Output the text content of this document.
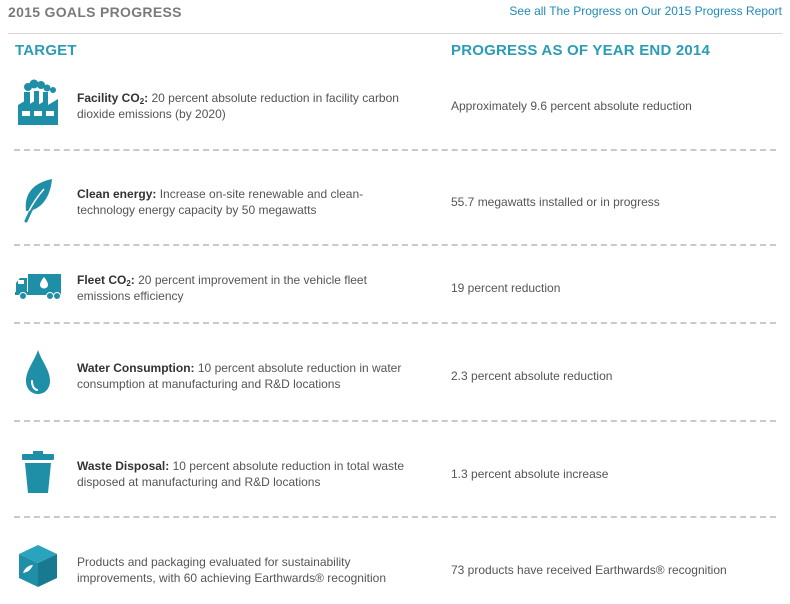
2015 GOALS PROGRESS	See all The Progress on Our 2015 Progress Report
TARGET	PROGRESS AS OF YEAR END 2014
Facility $CO_2$: 20 percent absolute reduction in facility carbon dioxide emissions (by 2020)
Approximately 9.6 percent absolute reduction
Clean energy: Increase on-site renewable and clean-technology energy capacity by 50 megawatts
55.7 megawatts installed or in progress
Fleet $CO_2$: 20 percent improvement in the vehicle fleet emissions efficiency
19 percent reduction
Water Consumption: 10 percent absolute reduction in water consumption at manufacturing and R&D locations
2.3 percent absolute reduction
Waste Disposal: 10 percent absolute reduction in total waste disposed at manufacturing and R&D locations
1.3 percent absolute increase
Products and packaging evaluated for sustainability improvements, with 60 achieving Earthwards® recognition
73 products have received Earthwards® recognition
